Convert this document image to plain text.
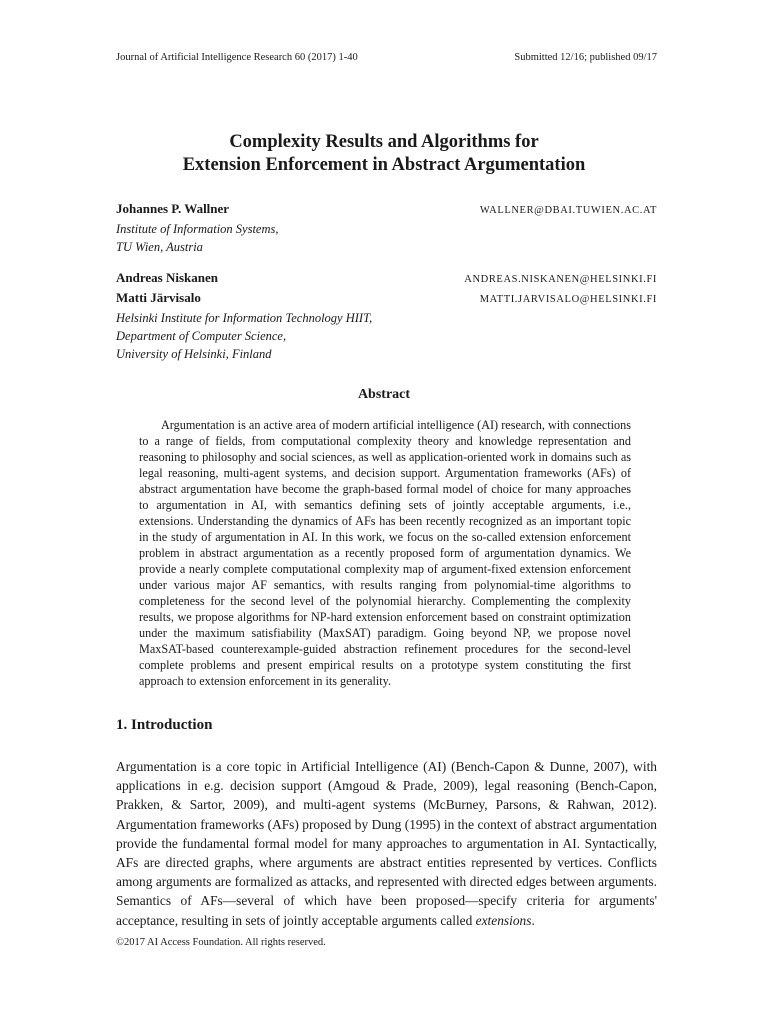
Journal of Artificial Intelligence Research 60 (2017) 1-40	Submitted 12/16; published 09/17
Complexity Results and Algorithms for
Extension Enforcement in Abstract Argumentation
Johannes P. Wallner	WALLNER@DBAI.TUWIEN.AC.AT
Institute of Information Systems,
TU Wien, Austria
Andreas Niskanen	ANDREAS.NISKANEN@HELSINKI.FI
Matti Järvisalo	MATTI.JARVISALO@HELSINKI.FI
Helsinki Institute for Information Technology HIIT,
Department of Computer Science,
University of Helsinki, Finland
Abstract
Argumentation is an active area of modern artificial intelligence (AI) research, with connections to a range of fields, from computational complexity theory and knowledge representation and reasoning to philosophy and social sciences, as well as application-oriented work in domains such as legal reasoning, multi-agent systems, and decision support. Argumentation frameworks (AFs) of abstract argumentation have become the graph-based formal model of choice for many approaches to argumentation in AI, with semantics defining sets of jointly acceptable arguments, i.e., extensions. Understanding the dynamics of AFs has been recently recognized as an important topic in the study of argumentation in AI. In this work, we focus on the so-called extension enforcement problem in abstract argumentation as a recently proposed form of argumentation dynamics. We provide a nearly complete computational complexity map of argument-fixed extension enforcement under various major AF semantics, with results ranging from polynomial-time algorithms to completeness for the second level of the polynomial hierarchy. Complementing the complexity results, we propose algorithms for NP-hard extension enforcement based on constraint optimization under the maximum satisfiability (MaxSAT) paradigm. Going beyond NP, we propose novel MaxSAT-based counterexample-guided abstraction refinement procedures for the second-level complete problems and present empirical results on a prototype system constituting the first approach to extension enforcement in its generality.
1. Introduction
Argumentation is a core topic in Artificial Intelligence (AI) (Bench-Capon & Dunne, 2007), with applications in e.g. decision support (Amgoud & Prade, 2009), legal reasoning (Bench-Capon, Prakken, & Sartor, 2009), and multi-agent systems (McBurney, Parsons, & Rahwan, 2012). Argumentation frameworks (AFs) proposed by Dung (1995) in the context of abstract argumentation provide the fundamental formal model for many approaches to argumentation in AI. Syntactically, AFs are directed graphs, where arguments are abstract entities represented by vertices. Conflicts among arguments are formalized as attacks, and represented with directed edges between arguments. Semantics of AFs—several of which have been proposed—specify criteria for arguments' acceptance, resulting in sets of jointly acceptable arguments called extensions.
©2017 AI Access Foundation. All rights reserved.
